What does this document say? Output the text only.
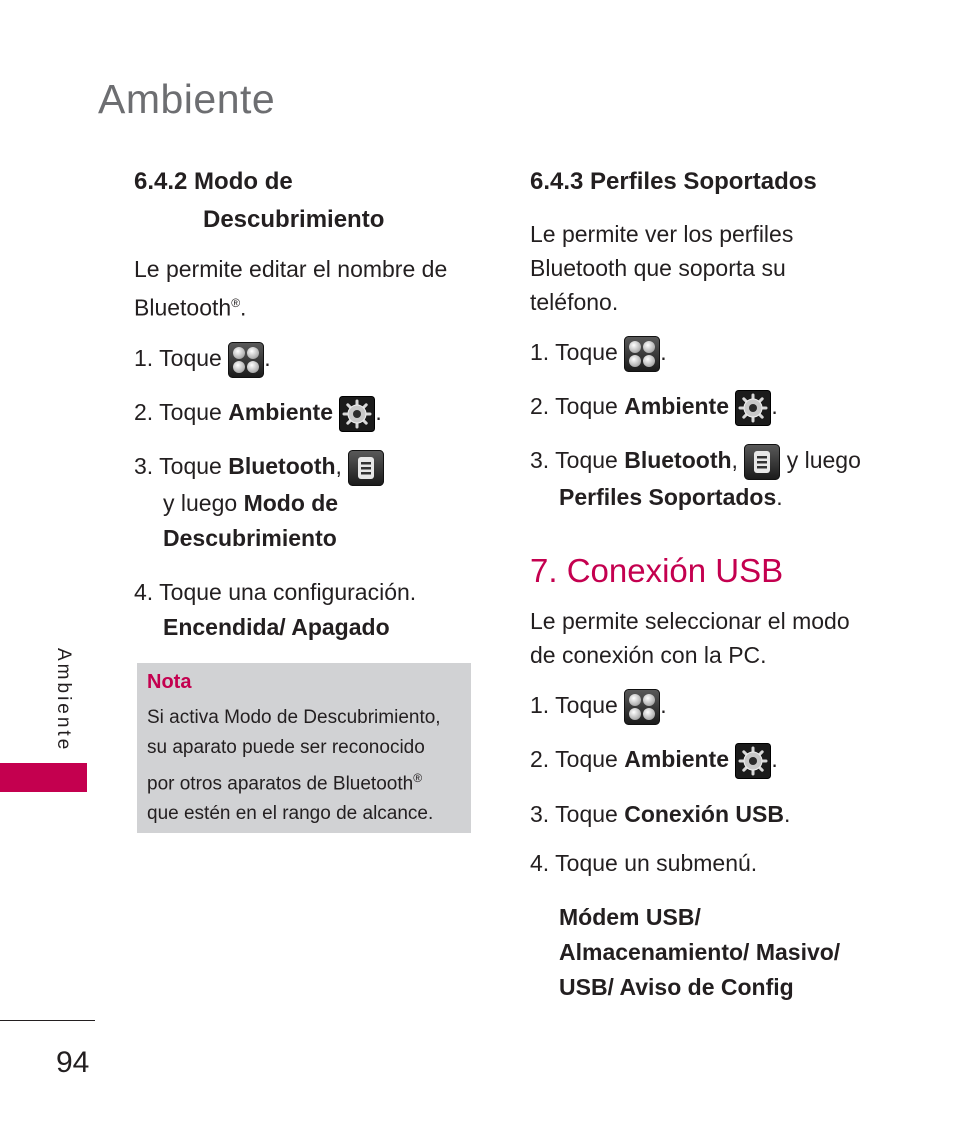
Ambiente
6.4.2 Modo de
Descubrimiento
Le permite editar el nombre de
Bluetooth®.
1. Toque .
2. Toque Ambiente .
3. Toque Bluetooth,
y luego Modo de
Descubrimiento
4. Toque una configuración.
Encendida/ Apagado
Nota
Si activa Modo de Descubrimiento,
su aparato puede ser reconocido
por otros aparatos de Bluetooth®
que estén en el rango de alcance.
6.4.3 Perfiles Soportados
Le permite ver los perfiles
Bluetooth que soporta su
teléfono.
1. Toque .
2. Toque Ambiente .
3. Toque Bluetooth, y luego
Perfiles Soportados.
7. Conexión USB
Le permite seleccionar el modo
de conexión con la PC.
1. Toque .
2. Toque Ambiente .
3. Toque Conexión USB.
4. Toque un submenú.
Módem USB/
Almacenamiento/ Masivo/
USB/ Aviso de Config
Ambiente
94
